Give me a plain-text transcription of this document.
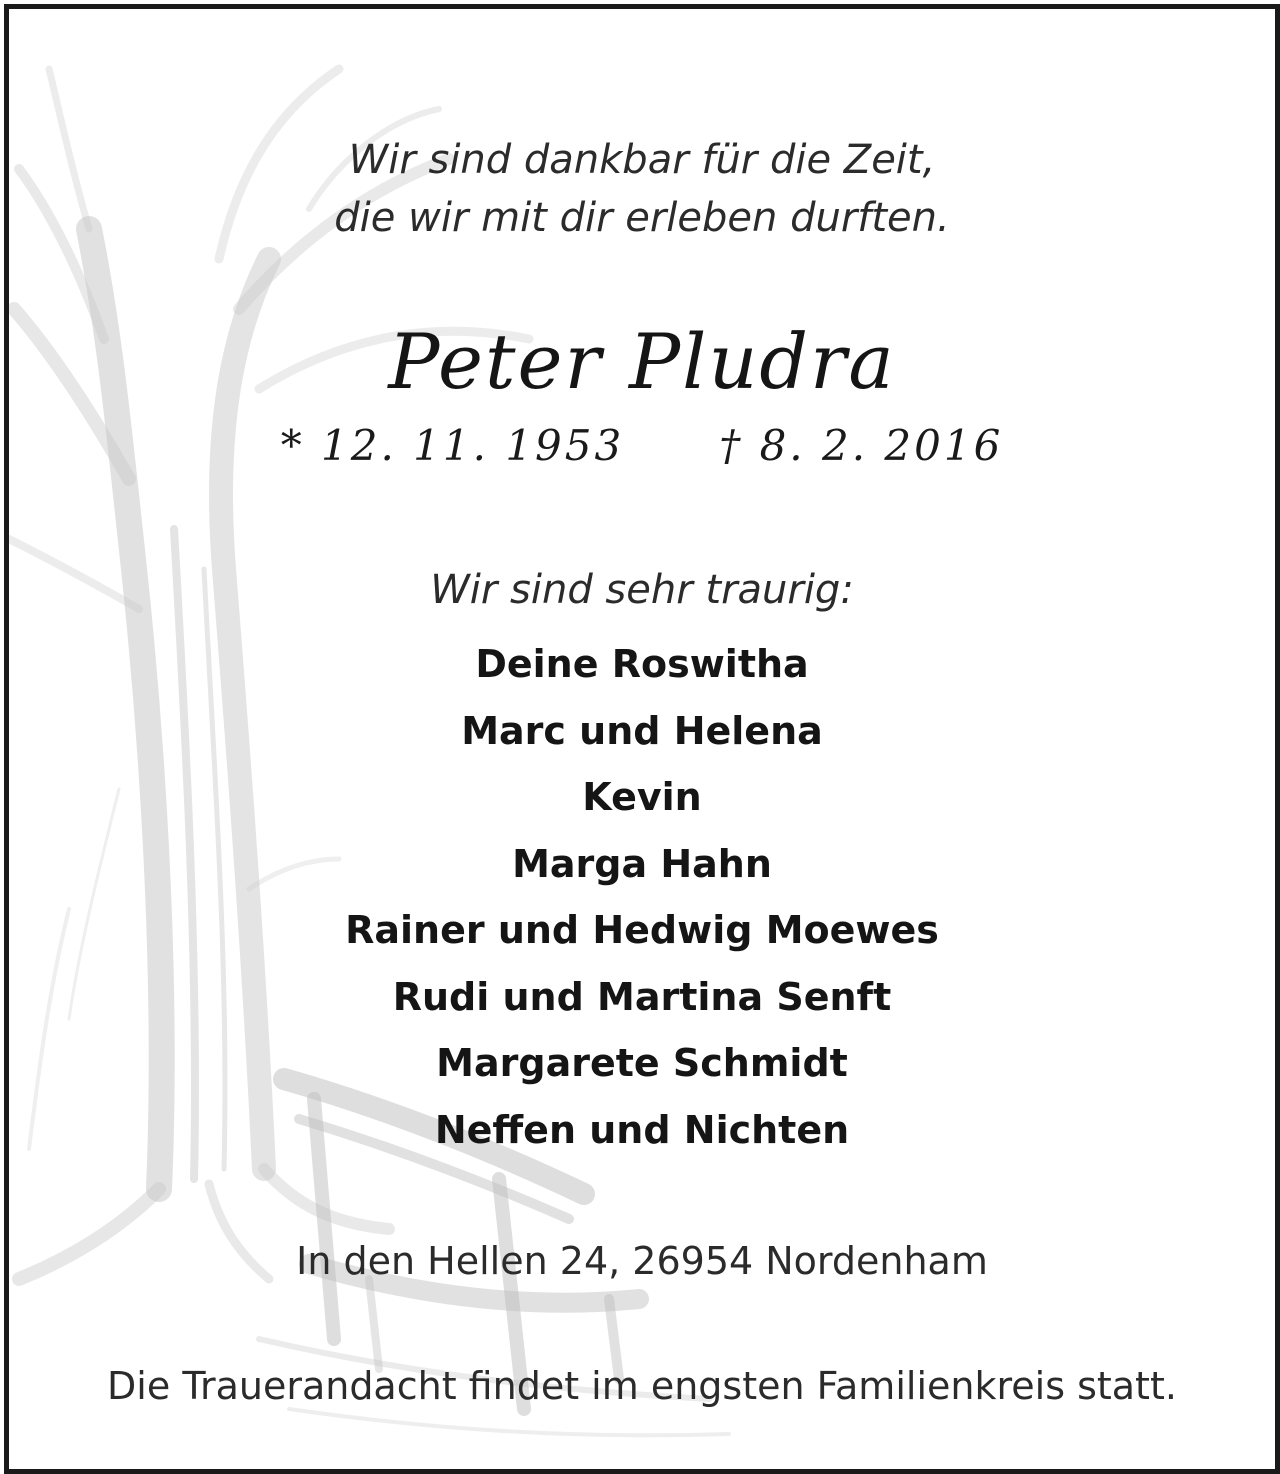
Wir sind dankbar für die Zeit,
die wir mit dir erleben durften.
Peter Pludra
* 12. 11. 1953 † 8. 2. 2016
Wir sind sehr traurig:
Deine Roswitha
Marc und Helena
Kevin
Marga Hahn
Rainer und Hedwig Moewes
Rudi und Martina Senft
Margarete Schmidt
Neffen und Nichten
In den Hellen 24, 26954 Nordenham
Die Trauerandacht findet im engsten Familienkreis statt.
